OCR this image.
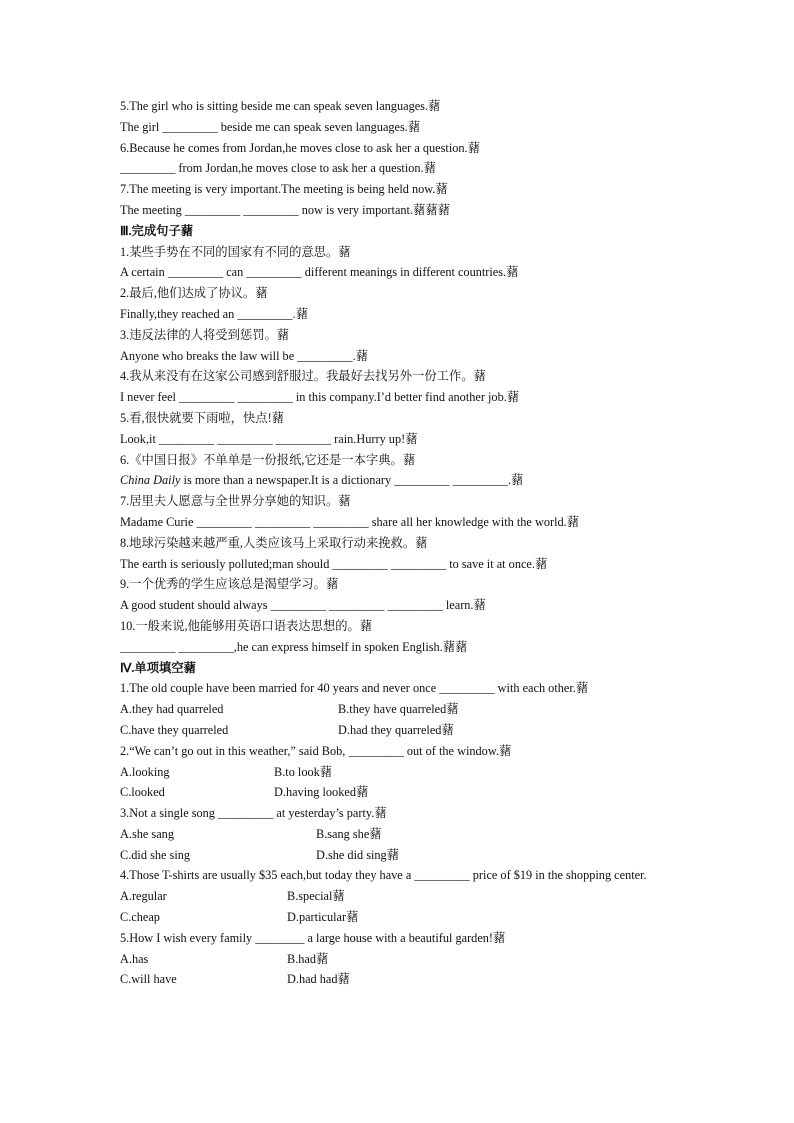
5.The girl who is sitting beside me can speak seven languages.藸
The girl _________ beside me can speak seven languages.藸
6.Because he comes from Jordan,he moves close to ask her a question.藸
_________ from Jordan,he moves close to ask her a question.藸
7.The meeting is very important.The meeting is being held now.藸
The meeting _________ _________ now is very important.藸藸藸
Ⅲ.完成句子藸
1.某些手势在不同的国家有不同的意思。藸
A certain _________ can _________ different meanings in different countries.藸
2.最后,他们达成了协议。藸
Finally,they reached an _________.藸
3.违反法律的人将受到惩罚。藸
Anyone who breaks the law will be _________.藸
4.我从来没有在这家公司感到舒服过。我最好去找另外一份工作。藸
I never feel _________ _________ in this company.I’d better find another job.藸
5.看,很快就要下雨啦，快点!藸
Look,it _________ _________ _________ rain.Hurry up!藸
6.《中国日报》不单单是一份报纸,它还是一本字典。藸
China Daily is more than a newspaper.It is a dictionary _________ _________.藸
7.居里夫人愿意与全世界分享她的知识。藸
Madame Curie _________ _________ _________ share all her knowledge with the world.藸
8.地球污染越来越严重,人类应该马上采取行动来挽救。藸
The earth is seriously polluted;man should _________ _________ to save it at once.藸
9.一个优秀的学生应该总是渴望学习。藸
A good student should always _________ _________ _________ learn.藸
10.一般来说,他能够用英语口语表达思想的。藸
_________ _________,he can express himself in spoken English.藸藸
Ⅳ.单项填空藸
1.The old couple have been married for 40 years and never once _________ with each other.藸
A.they had quarreled	B.they have quarreled藸
C.have they quarreled	D.had they quarreled藸
2.“We can’t go out in this weather,” said Bob, _________ out of the window.藸
A.looking	B.to look藸
C.looked	D.having looked藸
3.Not a single song _________ at yesterday’s party.藸
A.she sang	B.sang she藸
C.did she sing	D.she did sing藸
4.Those T-shirts are usually $35 each,but today they have a _________ price of $19 in the shopping center.
A.regular	B.special藸
C.cheap	D.particular藸
5.How I wish every family ________ a large house with a beautiful garden!藸
A.has	B.had藸
C.will have	D.had had藸
